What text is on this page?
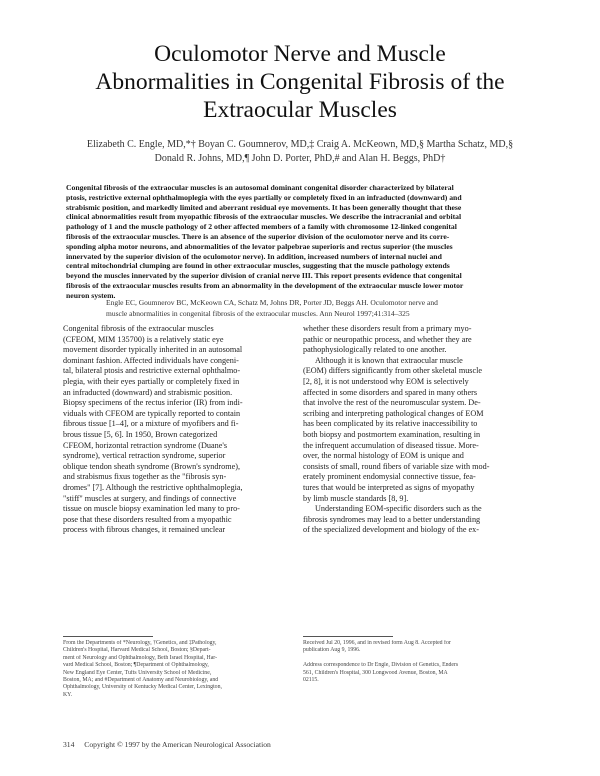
Oculomotor Nerve and Muscle
Abnormalities in Congenital Fibrosis of the
Extraocular Muscles
Elizabeth C. Engle, MD,*† Boyan C. Goumnerov, MD,‡ Craig A. McKeown, MD,§ Martha Schatz, MD,§
Donald R. Johns, MD,¶ John D. Porter, PhD,# and Alan H. Beggs, PhD†
Congenital fibrosis of the extraocular muscles is an autosomal dominant congenital disorder characterized by bilateral
ptosis, restrictive external ophthalmoplegia with the eyes partially or completely fixed in an infraducted (downward) and
strabismic position, and markedly limited and aberrant residual eye movements. It has been generally thought that these
clinical abnormalities result from myopathic fibrosis of the extraocular muscles. We describe the intracranial and orbital
pathology of 1 and the muscle pathology of 2 other affected members of a family with chromosome 12-linked congenital
fibrosis of the extraocular muscles. There is an absence of the superior division of the oculomotor nerve and its corre-
sponding alpha motor neurons, and abnormalities of the levator palpebrae superioris and rectus superior (the muscles
innervated by the superior division of the oculomotor nerve). In addition, increased numbers of internal nuclei and
central mitochondrial clumping are found in other extraocular muscles, suggesting that the muscle pathology extends
beyond the muscles innervated by the superior division of cranial nerve III. This report presents evidence that congenital
fibrosis of the extraocular muscles results from an abnormality in the development of the extraocular muscle lower motor
neuron system.
Engle EC, Goumnerov BC, McKeown CA, Schatz M, Johns DR, Porter JD, Beggs AH. Oculomotor nerve and
muscle abnormalities in congenital fibrosis of the extraocular muscles. Ann Neurol 1997;41:314–325
Congenital fibrosis of the extraocular muscles
(CFEOM, MIM 135700) is a relatively static eye
movement disorder typically inherited in an autosomal
dominant fashion. Affected individuals have congeni-
tal, bilateral ptosis and restrictive external ophthalmo-
plegia, with their eyes partially or completely fixed in
an infraducted (downward) and strabismic position.
Biopsy specimens of the rectus inferior (IR) from indi-
viduals with CFEOM are typically reported to contain
fibrous tissue [1–4], or a mixture of myofibers and fi-
brous tissue [5, 6]. In 1950, Brown categorized
CFEOM, horizontal retraction syndrome (Duane's
syndrome), vertical retraction syndrome, superior
oblique tendon sheath syndrome (Brown's syndrome),
and strabismus fixus together as the "fibrosis syn-
dromes" [7]. Although the restrictive ophthalmoplegia,
"stiff" muscles at surgery, and findings of connective
tissue on muscle biopsy examination led many to pro-
pose that these disorders resulted from a myopathic
process with fibrous changes, it remained unclear
whether these disorders result from a primary myo-
pathic or neuropathic process, and whether they are
pathophysiologically related to one another.
Although it is known that extraocular muscle
(EOM) differs significantly from other skeletal muscle
[2, 8], it is not understood why EOM is selectively
affected in some disorders and spared in many others
that involve the rest of the neuromuscular system. De-
scribing and interpreting pathological changes of EOM
has been complicated by its relative inaccessibility to
both biopsy and postmortem examination, resulting in
the infrequent accumulation of diseased tissue. More-
over, the normal histology of EOM is unique and
consists of small, round fibers of variable size with mod-
erately prominent endomysial connective tissue, fea-
tures that would be interpreted as signs of myopathy
by limb muscle standards [8, 9].
Understanding EOM-specific disorders such as the
fibrosis syndromes may lead to a better understanding
of the specialized development and biology of the ex-
From the Departments of *Neurology, †Genetics, and ‡Pathology,
Children's Hospital, Harvard Medical School, Boston; §Depart-
ment of Neurology and Ophthalmology, Beth Israel Hospital, Har-
vard Medical School, Boston; ¶Department of Ophthalmology,
New England Eye Center, Tufts University School of Medicine,
Boston, MA; and #Department of Anatomy and Neurobiology, and
Ophthalmology, University of Kentucky Medical Center, Lexington,
KY.
Received Jul 20, 1996, and in revised form Aug 8. Accepted for
publication Aug 9, 1996.
Address correspondence to Dr Engle, Division of Genetics, Enders
561, Children's Hospital, 300 Longwood Avenue, Boston, MA
02115.
314 Copyright © 1997 by the American Neurological Association
